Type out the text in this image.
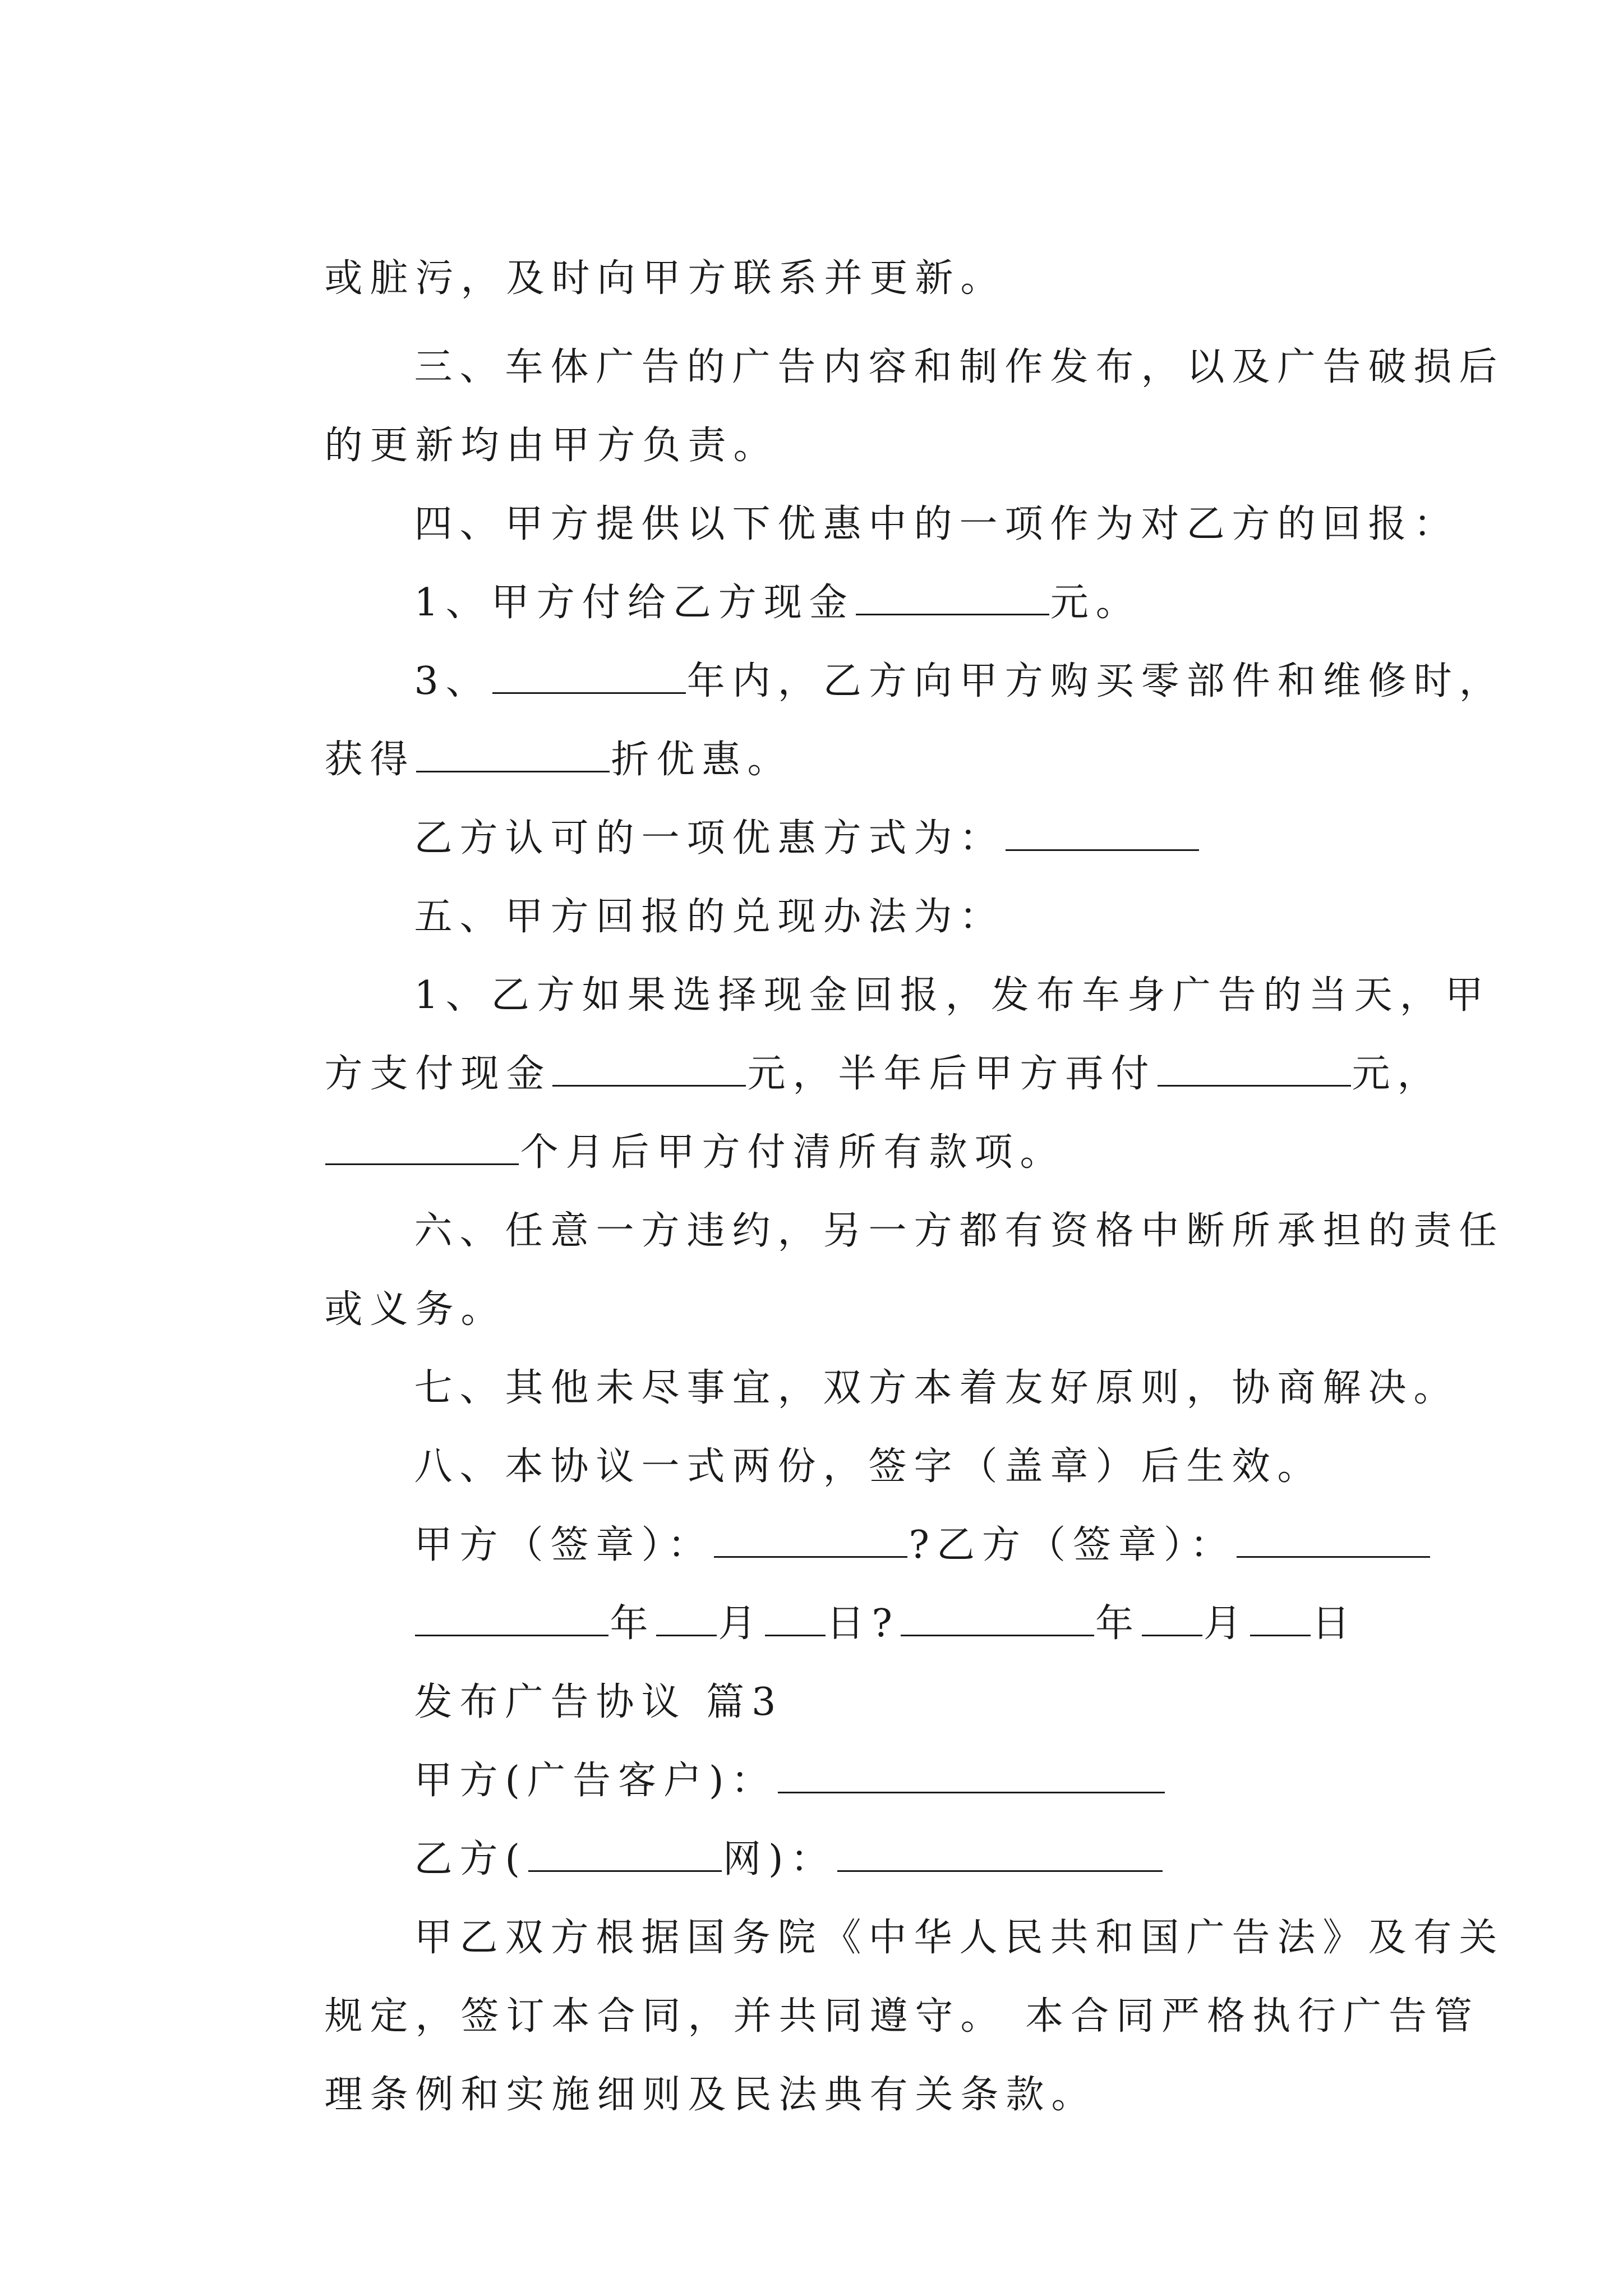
或脏污，及时向甲方联系并更新。

三、车体广告的广告内容和制作发布，以及广告破损后

的更新均由甲方负责。

四、甲方提供以下优惠中的一项作为对乙方的回报：

1、甲方付给乙方现金	元。

3、	年内，乙方向甲方购买零部件和维修时，

获得	折优惠。

乙方认可的一项优惠方式为：

五、甲方回报的兑现办法为：

1、乙方如果选择现金回报，发布车身广告的当天，甲

方支付现金	元，半年后甲方再付	元，

个月后甲方付清所有款项。

六、任意一方违约，另一方都有资格中断所承担的责任

或义务。

七、其他未尽事宜，双方本着友好原则，协商解决。

八、本协议一式两份，签字（盖章）后生效。

甲方（签章）：	?乙方（签章）：

年 月 日?	年 月 日

发布广告协议 篇3

甲方(广告客户)：

乙方(	网)：

甲乙双方根据国务院《中华人民共和国广告法》及有关

规定，签订本合同，并共同遵守。 本合同严格执行广告管

理条例和实施细则及民法典有关条款。
